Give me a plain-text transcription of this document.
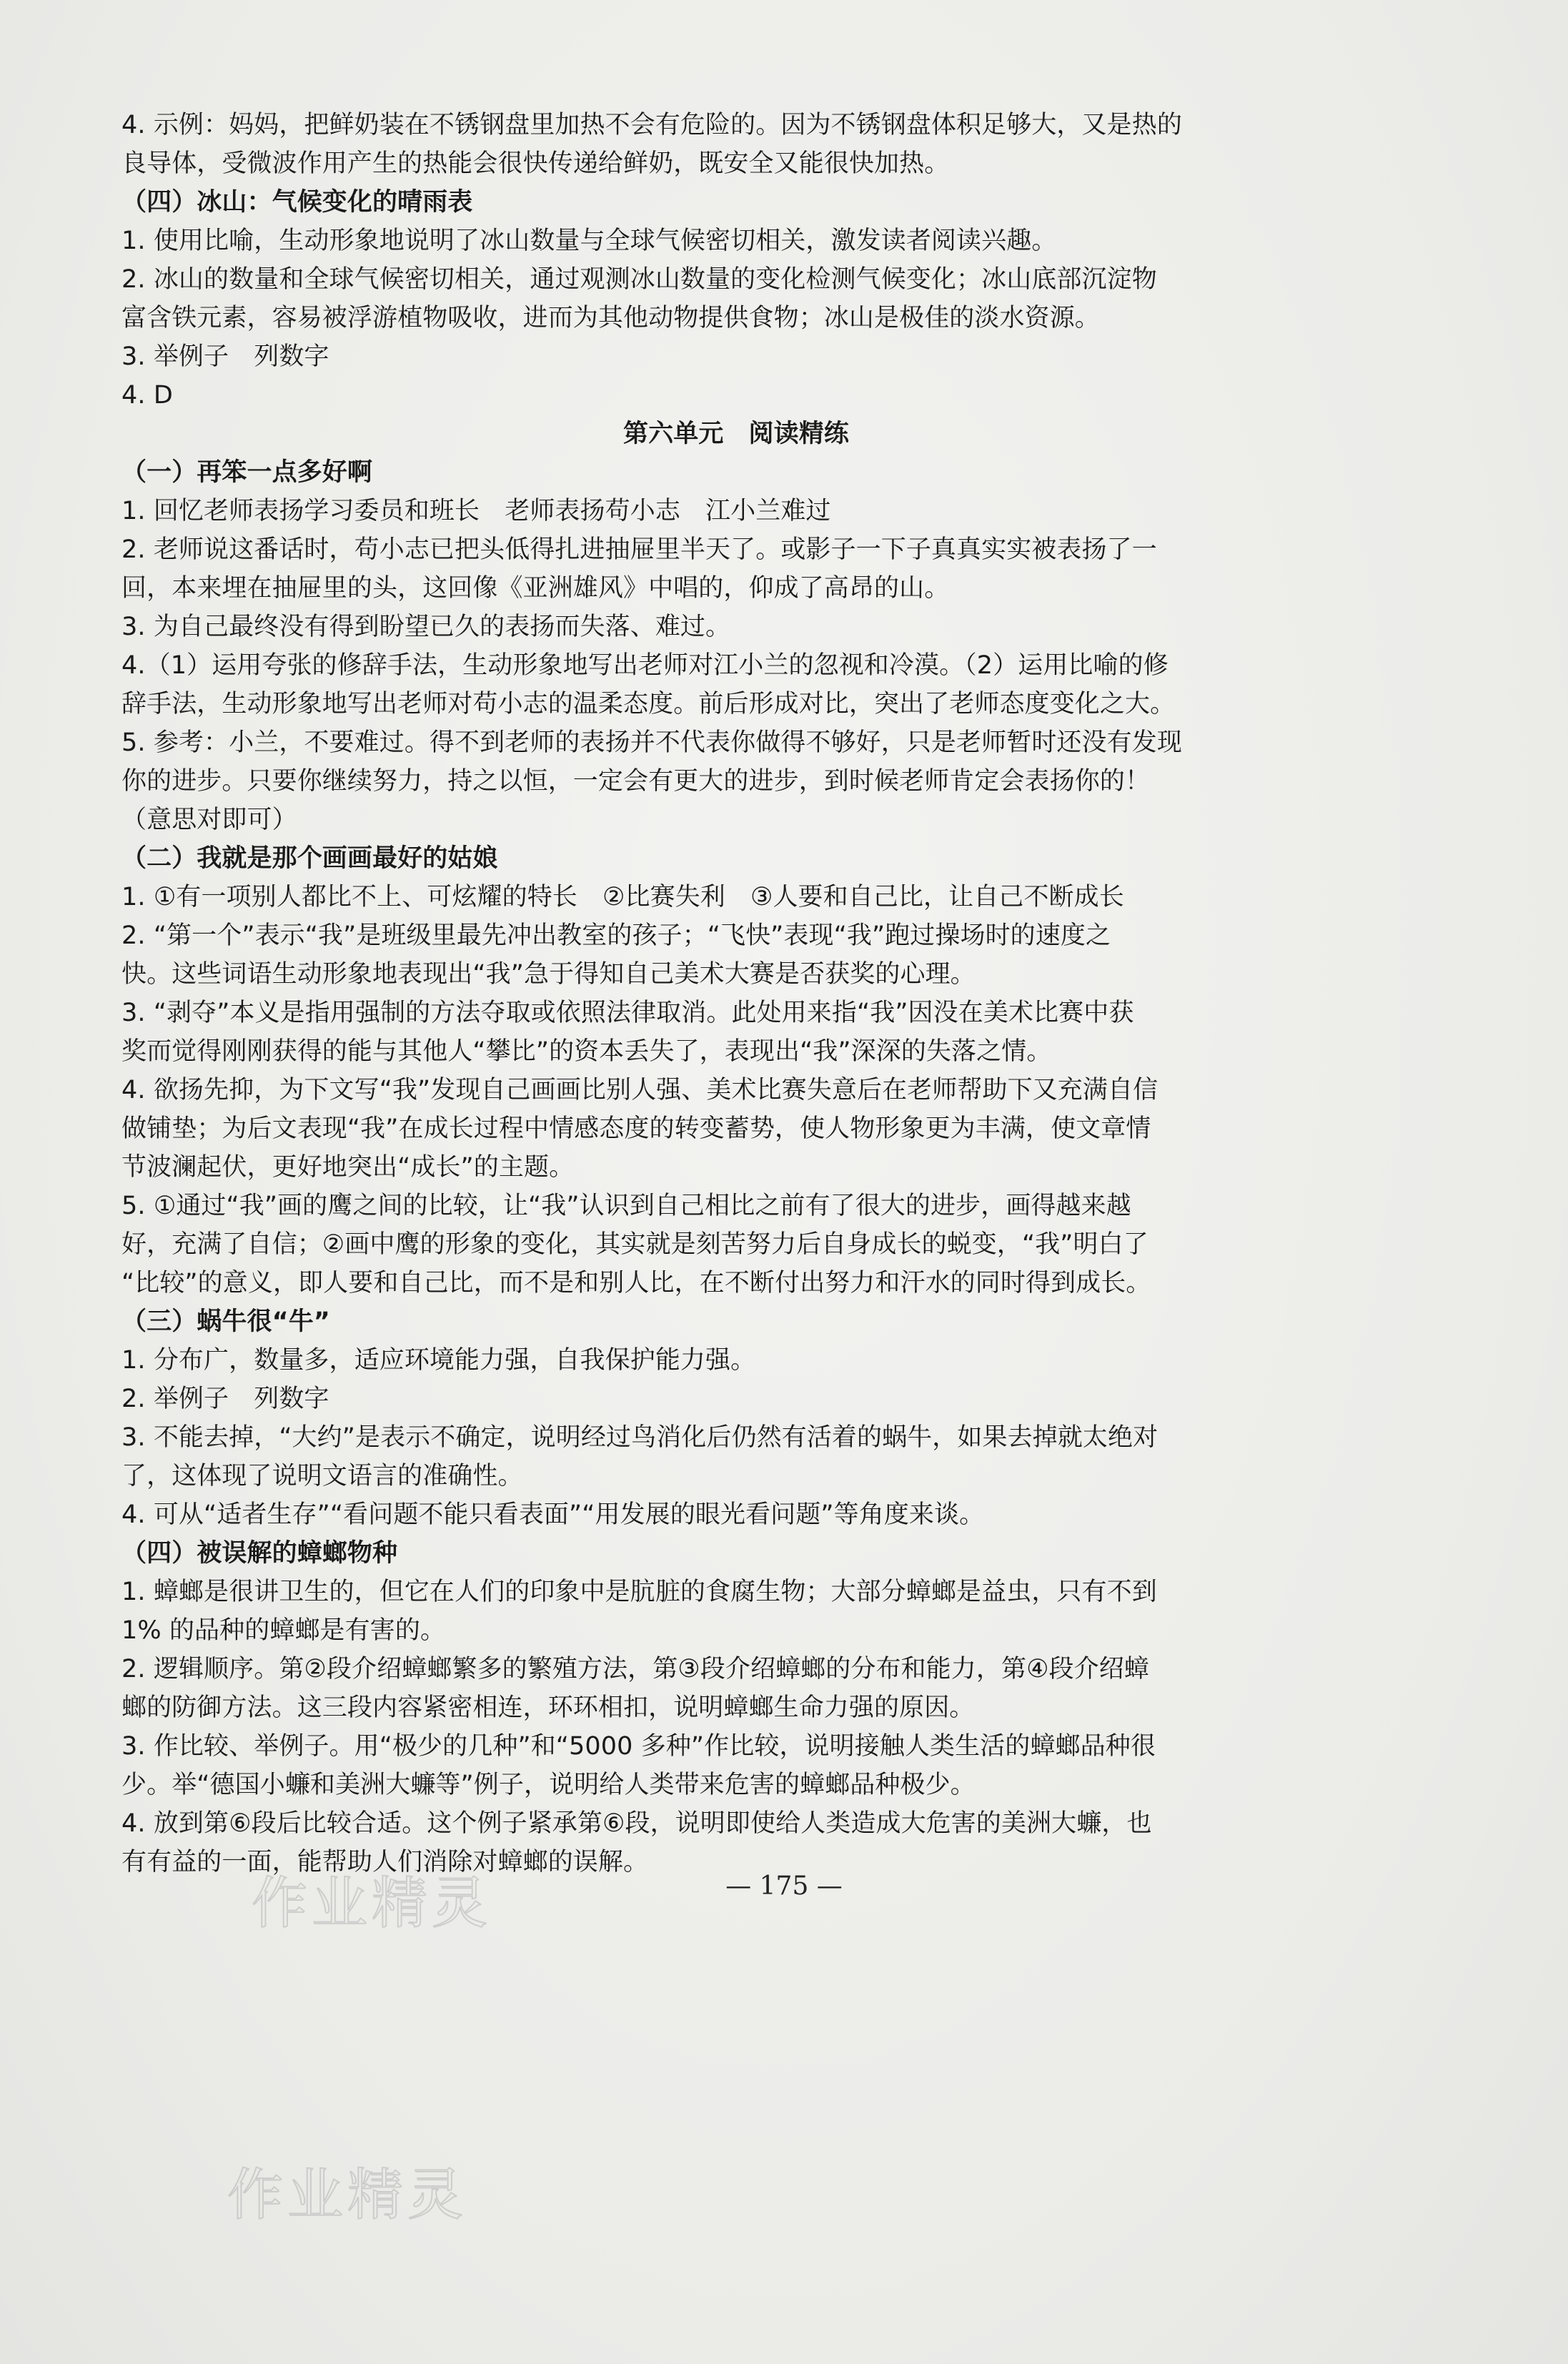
4. 示例：妈妈，把鲜奶装在不锈钢盘里加热不会有危险的。因为不锈钢盘体积足够大，又是热的
良导体，受微波作用产生的热能会很快传递给鲜奶，既安全又能很快加热。
（四）冰山：气候变化的晴雨表
1. 使用比喻，生动形象地说明了冰山数量与全球气候密切相关，激发读者阅读兴趣。
2. 冰山的数量和全球气候密切相关，通过观测冰山数量的变化检测气候变化；冰山底部沉淀物
富含铁元素，容易被浮游植物吸收，进而为其他动物提供食物；冰山是极佳的淡水资源。
3. 举例子　列数字
4. D
第六单元　阅读精练
（一）再笨一点多好啊
1. 回忆老师表扬学习委员和班长　老师表扬苟小志　江小兰难过
2. 老师说这番话时，苟小志已把头低得扎进抽屉里半天了。或影子一下子真真实实被表扬了一
回，本来埋在抽屉里的头，这回像《亚洲雄风》中唱的，仰成了高昂的山。
3. 为自己最终没有得到盼望已久的表扬而失落、难过。
4.（1）运用夸张的修辞手法，生动形象地写出老师对江小兰的忽视和冷漠。（2）运用比喻的修
辞手法，生动形象地写出老师对苟小志的温柔态度。前后形成对比，突出了老师态度变化之大。
5. 参考：小兰，不要难过。得不到老师的表扬并不代表你做得不够好，只是老师暂时还没有发现
你的进步。只要你继续努力，持之以恒，一定会有更大的进步，到时候老师肯定会表扬你的！
（意思对即可）
（二）我就是那个画画最好的姑娘
1. ①有一项别人都比不上、可炫耀的特长　②比赛失利　③人要和自己比，让自己不断成长
2. “第一个”表示“我”是班级里最先冲出教室的孩子；“飞快”表现“我”跑过操场时的速度之
快。这些词语生动形象地表现出“我”急于得知自己美术大赛是否获奖的心理。
3. “剥夺”本义是指用强制的方法夺取或依照法律取消。此处用来指“我”因没在美术比赛中获
奖而觉得刚刚获得的能与其他人“攀比”的资本丢失了，表现出“我”深深的失落之情。
4. 欲扬先抑，为下文写“我”发现自己画画比别人强、美术比赛失意后在老师帮助下又充满自信
做铺垫；为后文表现“我”在成长过程中情感态度的转变蓄势，使人物形象更为丰满，使文章情
节波澜起伏，更好地突出“成长”的主题。
5. ①通过“我”画的鹰之间的比较，让“我”认识到自己相比之前有了很大的进步，画得越来越
好，充满了自信；②画中鹰的形象的变化，其实就是刻苦努力后自身成长的蜕变，“我”明白了
“比较”的意义，即人要和自己比，而不是和别人比，在不断付出努力和汗水的同时得到成长。
（三）蜗牛很“牛”
1. 分布广，数量多，适应环境能力强，自我保护能力强。
2. 举例子　列数字
3. 不能去掉，“大约”是表示不确定，说明经过鸟消化后仍然有活着的蜗牛，如果去掉就太绝对
了，这体现了说明文语言的准确性。
4. 可从“适者生存”“看问题不能只看表面”“用发展的眼光看问题”等角度来谈。
（四）被误解的蟑螂物种
1. 蟑螂是很讲卫生的，但它在人们的印象中是肮脏的食腐生物；大部分蟑螂是益虫，只有不到
1% 的品种的蟑螂是有害的。
2. 逻辑顺序。第②段介绍蟑螂繁多的繁殖方法，第③段介绍蟑螂的分布和能力，第④段介绍蟑
螂的防御方法。这三段内容紧密相连，环环相扣，说明蟑螂生命力强的原因。
3. 作比较、举例子。用“极少的几种”和“5000 多种”作比较，说明接触人类生活的蟑螂品种很
少。举“德国小蠊和美洲大蠊等”例子，说明给人类带来危害的蟑螂品种极少。
4. 放到第⑥段后比较合适。这个例子紧承第⑥段，说明即使给人类造成大危害的美洲大蠊，也
有有益的一面，能帮助人们消除对蟑螂的误解。
— 175 —
作业精灵
作业精灵
